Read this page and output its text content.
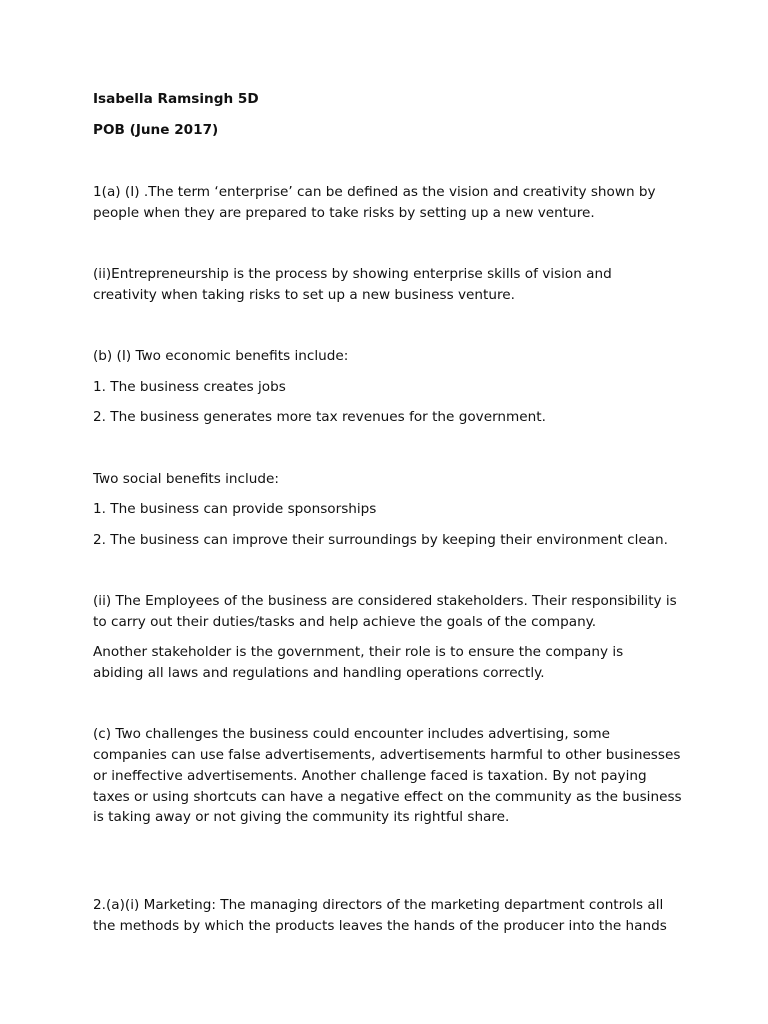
Isabella Ramsingh 5D

POB (June 2017)

1(a) (I) .The term ‘enterprise’ can be defined as the vision and creativity shown by

people when they are prepared to take risks by setting up a new venture.

(ii)Entrepreneurship is the process by showing enterprise skills of vision and

creativity when taking risks to set up a new business venture.

(b) (I) Two economic benefits include:

1. The business creates jobs

2. The business generates more tax revenues for the government.

Two social benefits include:

1. The business can provide sponsorships

2. The business can improve their surroundings by keeping their environment clean.

(ii) The Employees of the business are considered stakeholders. Their responsibility is

to carry out their duties/tasks and help achieve the goals of the company.

Another stakeholder is the government, their role is to ensure the company is

abiding all laws and regulations and handling operations correctly.

(c) Two challenges the business could encounter includes advertising, some

companies can use false advertisements, advertisements harmful to other businesses

or ineffective advertisements. Another challenge faced is taxation. By not paying

taxes or using shortcuts can have a negative effect on the community as the business

is taking away or not giving the community its rightful share.

2.(a)(i) Marketing: The managing directors of the marketing department controls all

the methods by which the products leaves the hands of the producer into the hands
